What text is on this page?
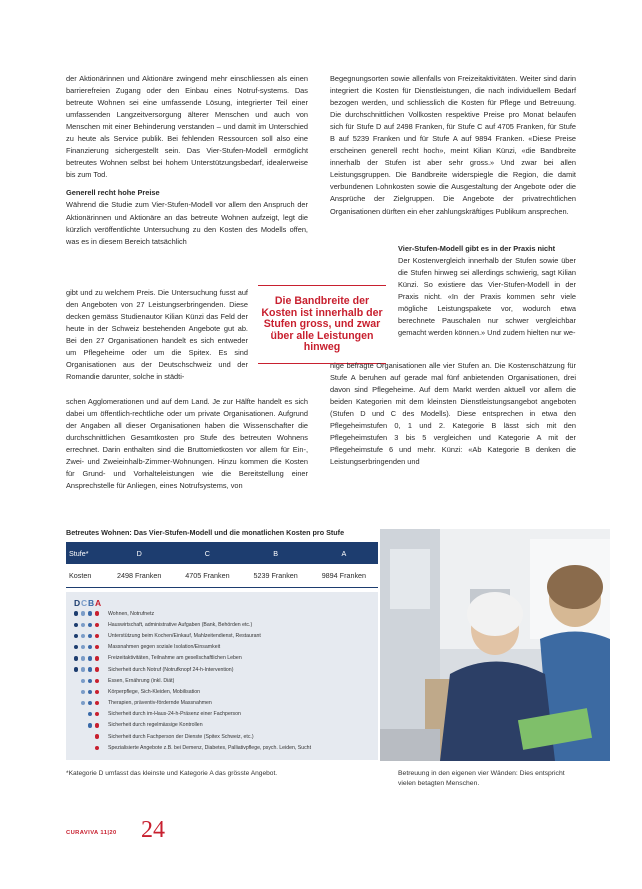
der Aktionärinnen und Aktionäre zwingend mehr einschliessen als einen barrierefreien Zugang oder den Einbau eines Notruf-systems. Das betreute Wohnen sei eine umfassende Lösung, integrierter Teil einer umfassenden Langzeitversorgung älterer Menschen und auch von Menschen mit einer Behinderung verstanden – und damit im Unterschied zu heute als Service publik. Bei fehlenden Ressourcen soll also eine Finanzierung sichergestellt sein. Das Vier-Stufen-Modell ermöglicht betreutes Wohnen selbst bei hohem Unterstützungsbedarf, idealerweise bis zum Tod.

Generell recht hohe Preise

Während die Studie zum Vier-Stufen-Modell vor allem den Anspruch der Aktionärinnen und Aktionäre an das betreute Wohnen aufzeigt, legt die kürzlich veröffentlichte Untersuchung zu den Kosten des Modells offen, was es in diesem Bereich tatsächlich

gibt und zu welchem Preis. Die Untersuchung fusst auf den Angeboten von 27 Leistungserbringenden. Diese decken gemäss Studienautor Kilian Künzi das Feld der heute in der Schweiz bestehenden Angebote gut ab. Bei den 27 Organisationen handelt es sich entweder um Pflegeheime oder um die Spitex. Es sind Organisationen aus der Deutschschweiz und der Romandie darunter, solche in städti-

schen Agglomerationen und auf dem Land. Je zur Hälfte handelt es sich dabei um öffentlich-rechtliche oder um private Organisationen. Aufgrund der Angaben all dieser Organisationen haben die Wissenschafter die durchschnittlichen Gesamtkosten pro Stufe des betreuten Wohnens errechnet. Darin enthalten sind die Bruttomietkosten vor allem für Ein-, Zwei- und Zweieinhalb-Zimmer-Wohnungen. Hinzu kommen die Kosten für Grund- und Vorhalteleistungen wie die Bereitstellung einer Ansprechstelle für Anliegen, eines Notrufsystems, von

Die Bandbreite der Kosten ist innerhalb der Stufen gross, und zwar über alle Leistungen hinweg

Begegnungsorten sowie allenfalls von Freizeitaktivitäten. Weiter sind darin integriert die Kosten für Dienstleistungen, die nach individuellem Bedarf bezogen werden, und schliesslich die Kosten für Pflege und Betreuung. Die durchschnittlichen Vollkosten respektive Preise pro Monat belaufen sich für Stufe D auf 2498 Franken, für Stufe C auf 4705 Franken, für Stufe B auf 5239 Franken und für Stufe A auf 9894 Franken. «Diese Preise erscheinen generell recht hoch», meint Kilian Künzi, «die Bandbreite innerhalb der Stufen ist aber sehr gross.» Und zwar bei allen Leistungsgruppen. Die Bandbreite widerspiegle die Region, die damit verbundenen Lohnkosten sowie die Ausgestaltung der Angebote oder die Ansprüche der Zielgruppen. Die Angebote der privatrechtlichen Organisationen dürften ein eher zahlungskräftiges Publikum ansprechen.

Vier-Stufen-Modell gibt es in der Praxis nicht

Der Kostenvergleich innerhalb der Stufen sowie über die Stufen hinweg sei allerdings schwierig, sagt Kilian Künzi. So existiere das Vier-Stufen-Modell in der Praxis nicht. «In der Praxis kommen sehr viele mögliche Leistungspakete vor, wodurch etwa berechnete Pauschalen nur schwer vergleichbar gemacht werden können.» Und zudem hielten nur we-

nige befragte Organisationen alle vier Stufen an. Die Kostenschätzung für Stufe A beruhen auf gerade mal fünf anbietenden Organisationen, drei davon sind Pflegeheime. Auf dem Markt werden aktuell vor allem die beiden Kategorien mit dem kleinsten Dienstleistungsangebot angeboten (Stufen D und C des Modells). Diese entsprechen in etwa den Pflegeheimstufen 0, 1 und 2. Kategorie B lässt sich mit den Pflegeheimstufen 3 bis 5 vergleichen und Kategorie A mit der Pflegeheimstufe 6 und mehr. Künzi: «Ab Kategorie B denken die Leistungserbringenden und

Betreutes Wohnen: Das Vier-Stufen-Modell und die monatlichen Kosten pro Stufe
Stufe*	D	C	B	A
Kosten	2498 Franken	4705 Franken	5239 Franken	9894 Franken
DCBA
Wohnen, Notrufnetz
Hauswirtschaft, administrative Aufgaben (Bank, Behörden etc.)
Unterstützung beim Kochen/Einkauf, Mahlzeitendienst, Restaurant
Massnahmen gegen soziale Isolation/Einsamkeit
Freizeitaktivitäten, Teilnahme am gesellschaftlichen Leben
Sicherheit durch Notruf (Notrufknopf 24-h-Intervention)
Essen, Ernährung (inkl. Diät)
Körperpflege, Sich-Kleiden, Mobilisation
Therapien, präventiv-fördernde Massnahmen
Sicherheit durch im-Haus-24-h-Präsenz einer Fachperson
Sicherheit durch regelmässige Kontrollen
Sicherheit durch Fachperson der Dienste (Spitex Schweiz, etc.)
Spezialisierte Angebote z.B. bei Demenz, Diabetes, Palliativpflege, psych. Leiden, Sucht
*Kategorie D umfasst das kleinste und Kategorie A das grösste Angebot.	Betreuung in den eigenen vier Wänden: Dies entspricht vielen betagten Menschen.
CURAVIVA 11|20 24
